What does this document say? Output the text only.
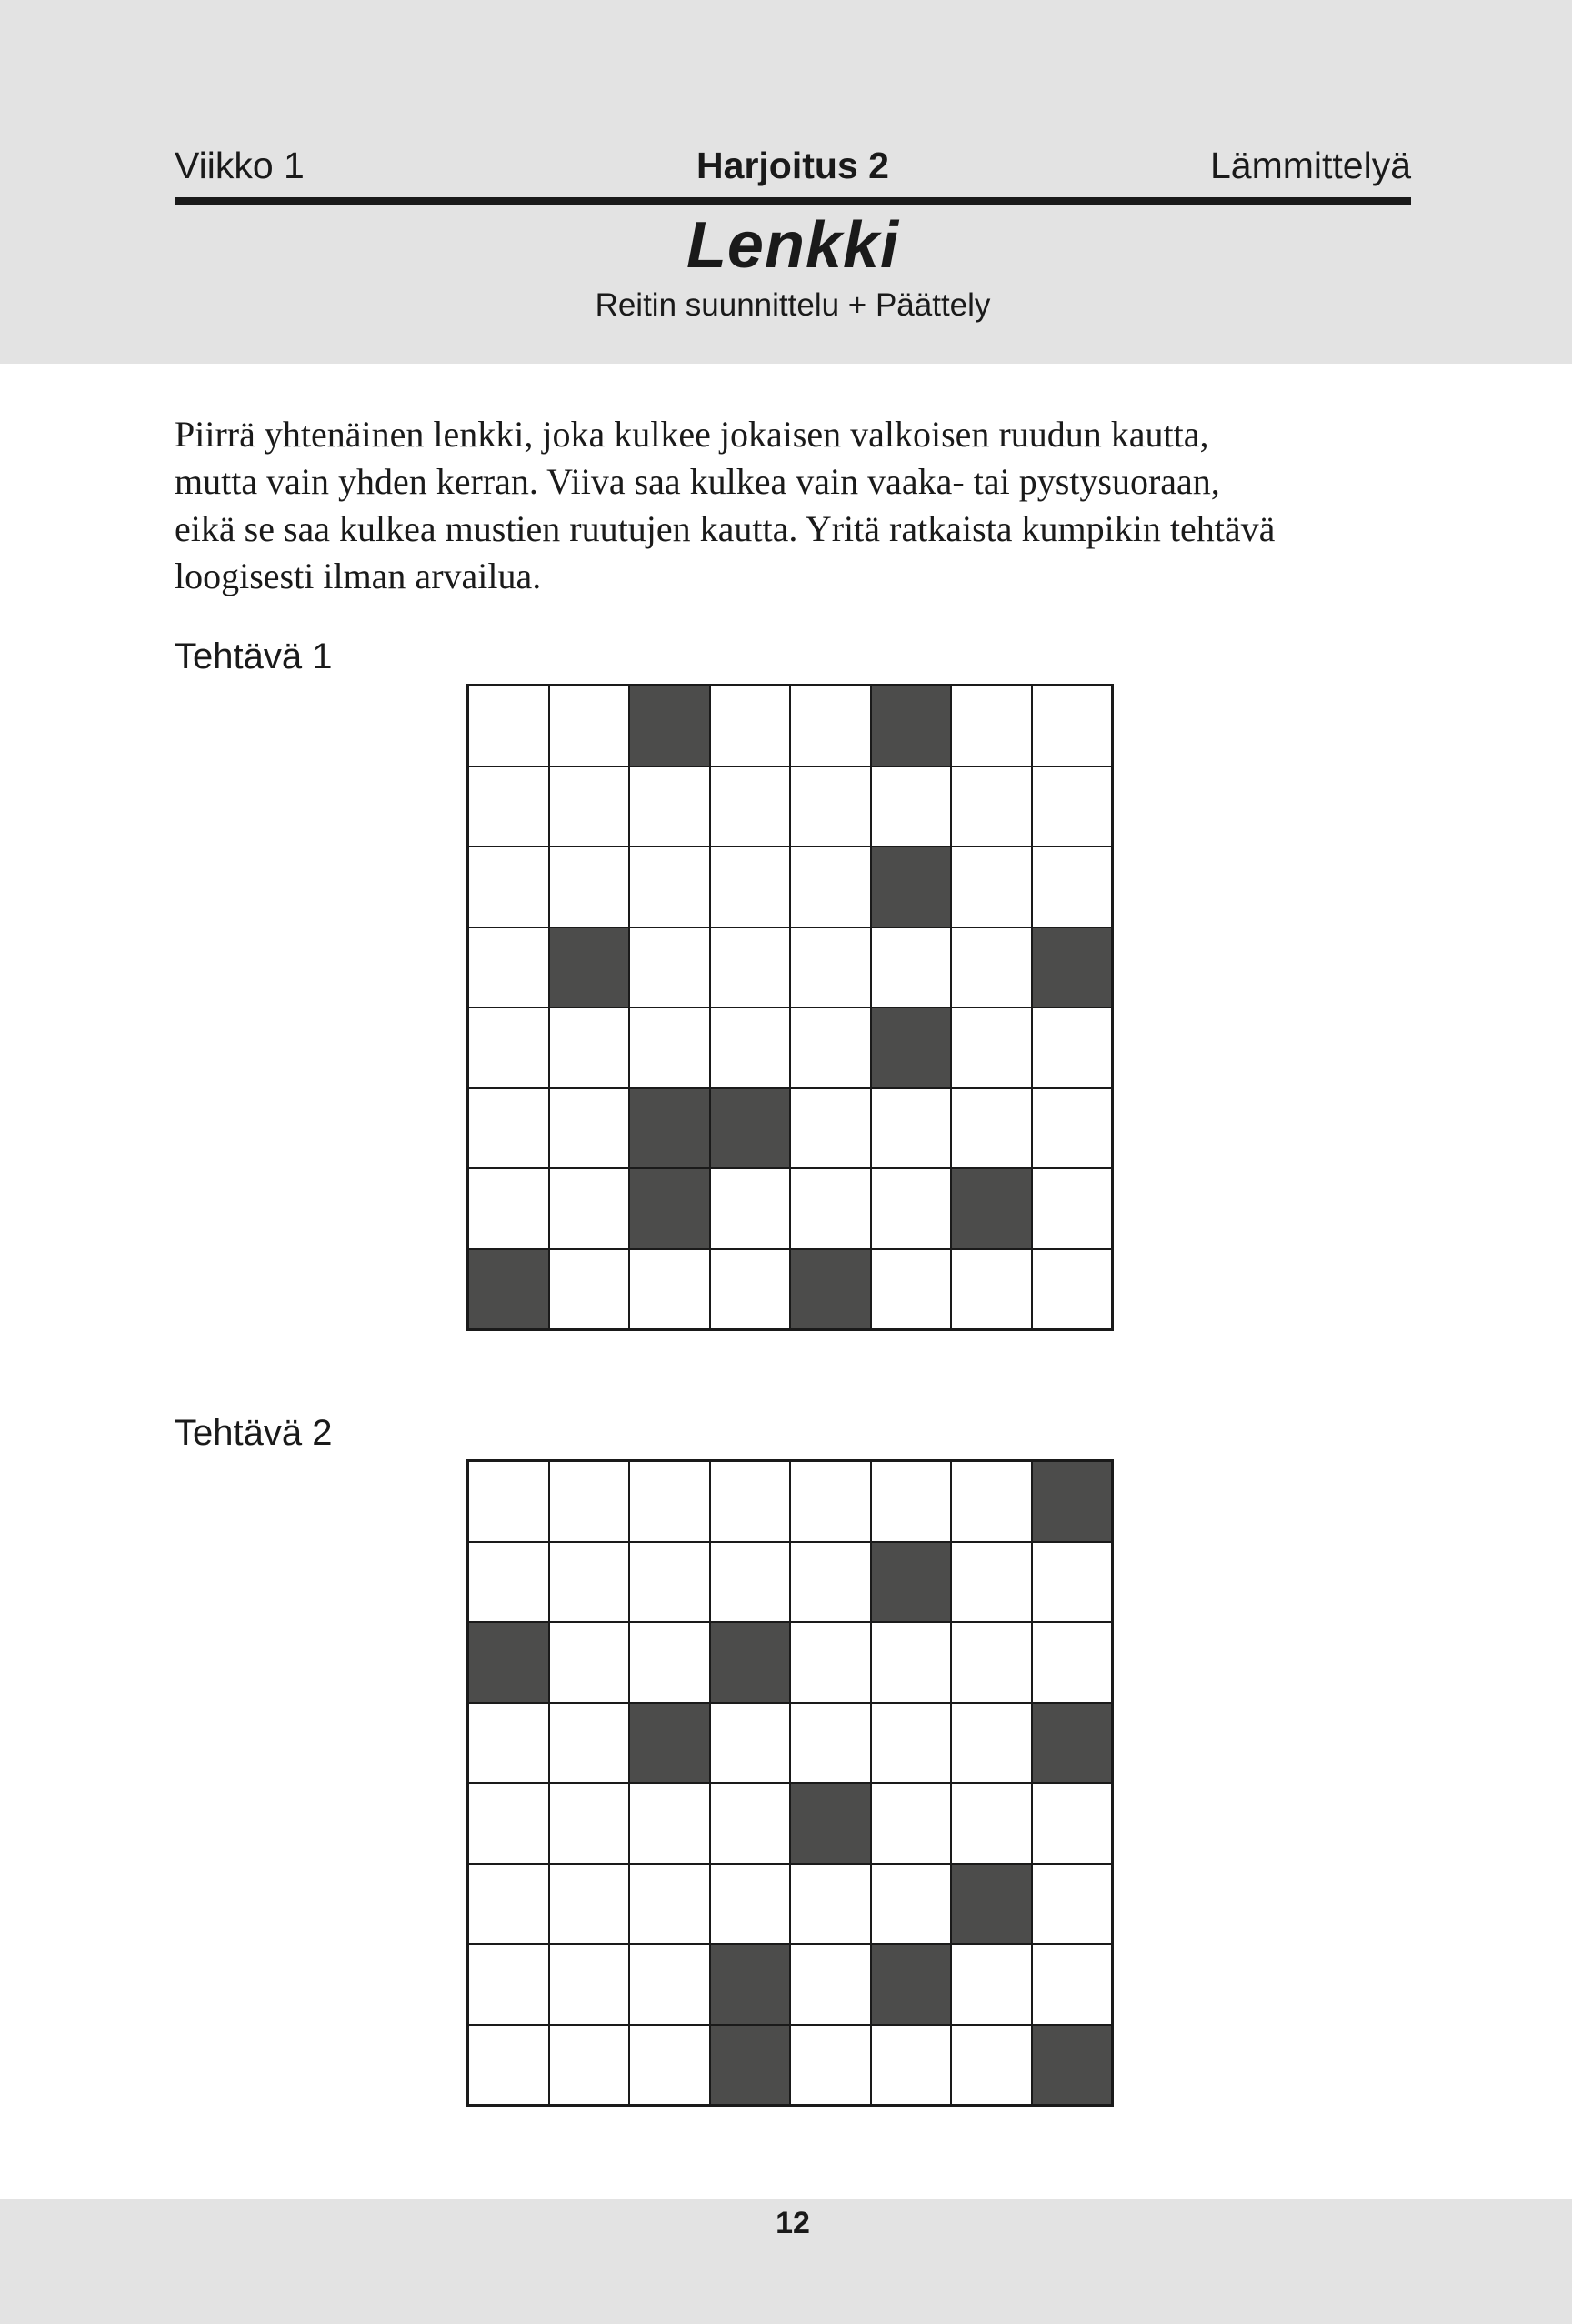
Viikko 1	Harjoitus 2	Lämmittelyä
Lenkki
Reitin suunnittelu + Päättely

Piirrä yhtenäinen lenkki, joka kulkee jokaisen valkoisen ruudun kautta,
mutta vain yhden kerran. Viiva saa kulkea vain vaaka- tai pystysuoraan,
eikä se saa kulkea mustien ruutujen kautta. Yritä ratkaista kumpikin tehtävä
loogisesti ilman arvailua.

Tehtävä 1
Tehtävä 2
12
